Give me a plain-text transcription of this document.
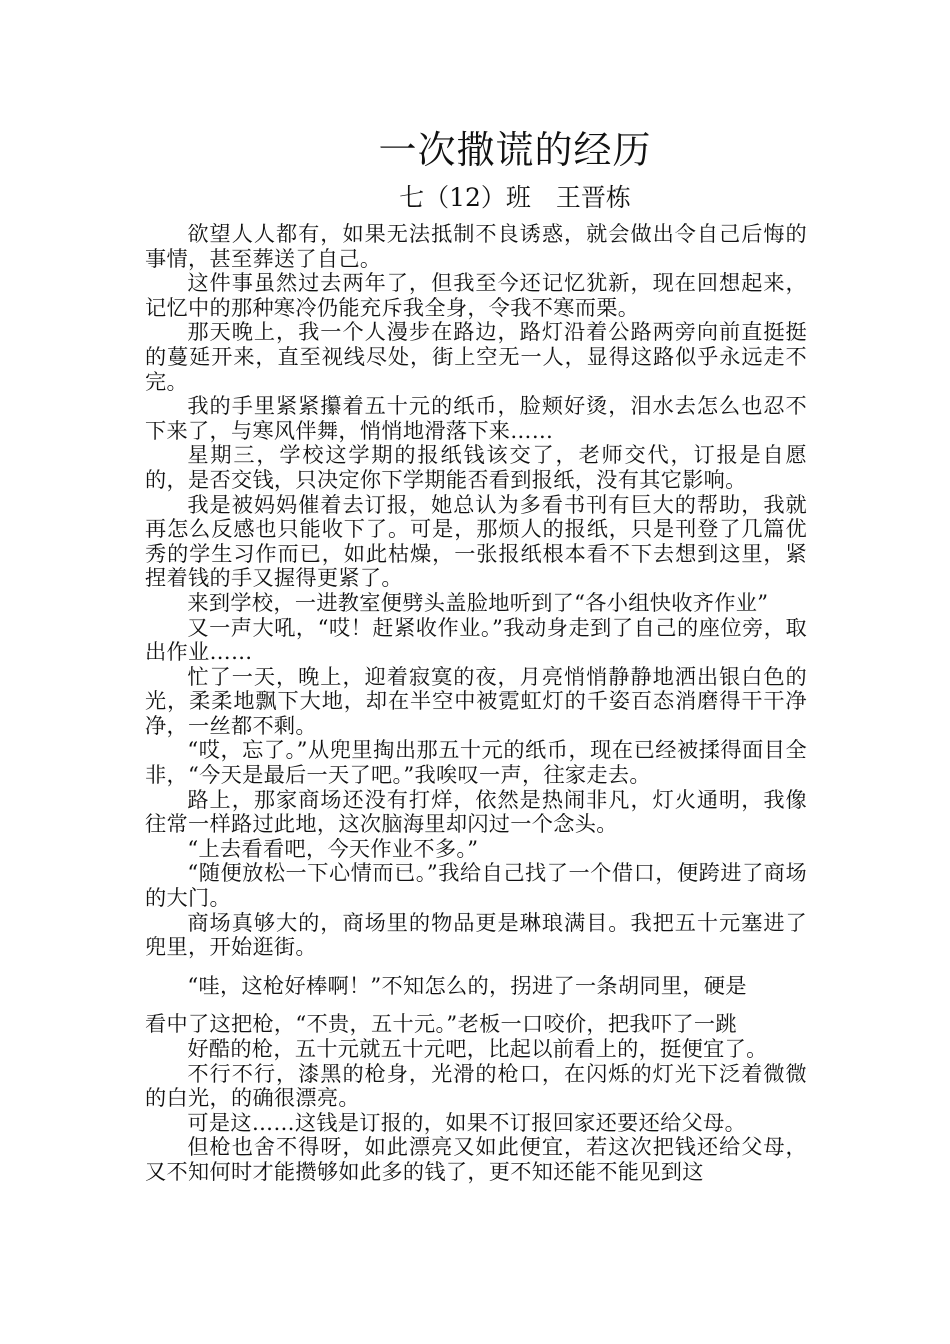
一次撒谎的经历
七（12）班　王晋栋

欲望人人都有，如果无法抵制不良诱惑，就会做出令自己后悔的事情，甚至葬送了自己。

这件事虽然过去两年了，但我至今还记忆犹新，现在回想起来，记忆中的那种寒冷仍能充斥我全身，令我不寒而栗。

那天晚上，我一个人漫步在路边，路灯沿着公路两旁向前直挺挺的蔓延开来，直至视线尽处，街上空无一人，显得这路似乎永远走不完。

我的手里紧紧攥着五十元的纸币，脸颊好烫，泪水去怎么也忍不下来了，与寒风伴舞，悄悄地滑落下来……

星期三，学校这学期的报纸钱该交了，老师交代，订报是自愿的，是否交钱，只决定你下学期能否看到报纸，没有其它影响。

我是被妈妈催着去订报，她总认为多看书刊有巨大的帮助，我就再怎么反感也只能收下了。可是，那烦人的报纸，只是刊登了几篇优秀的学生习作而已，如此枯燥，一张报纸根本看不下去想到这里，紧捏着钱的手又握得更紧了。

来到学校，一进教室便劈头盖脸地听到了“各小组快收齐作业”

又一声大吼，“哎！赶紧收作业。”我动身走到了自己的座位旁，取出作业……

忙了一天，晚上，迎着寂寞的夜，月亮悄悄静静地洒出银白色的光，柔柔地飘下大地，却在半空中被霓虹灯的千姿百态消磨得干干净净，一丝都不剩。

“哎，忘了。”从兜里掏出那五十元的纸币，现在已经被揉得面目全非，“今天是最后一天了吧。”我唉叹一声，往家走去。

路上，那家商场还没有打烊，依然是热闹非凡，灯火通明，我像往常一样路过此地，这次脑海里却闪过一个念头。

“上去看看吧，今天作业不多。”

“随便放松一下心情而已。”我给自己找了一个借口，便跨进了商场的大门。

商场真够大的，商场里的物品更是琳琅满目。我把五十元塞进了兜里，开始逛街。

“哇，这枪好棒啊！”不知怎么的，拐进了一条胡同里，硬是

看中了这把枪，“不贵，五十元。”老板一口咬价，把我吓了一跳

好酷的枪，五十元就五十元吧，比起以前看上的，挺便宜了。

不行不行，漆黑的枪身，光滑的枪口，在闪烁的灯光下泛着微微的白光，的确很漂亮。

可是这……这钱是订报的，如果不订报回家还要还给父母。

但枪也舍不得呀，如此漂亮又如此便宜，若这次把钱还给父母，又不知何时才能攒够如此多的钱了，更不知还能不能见到这
